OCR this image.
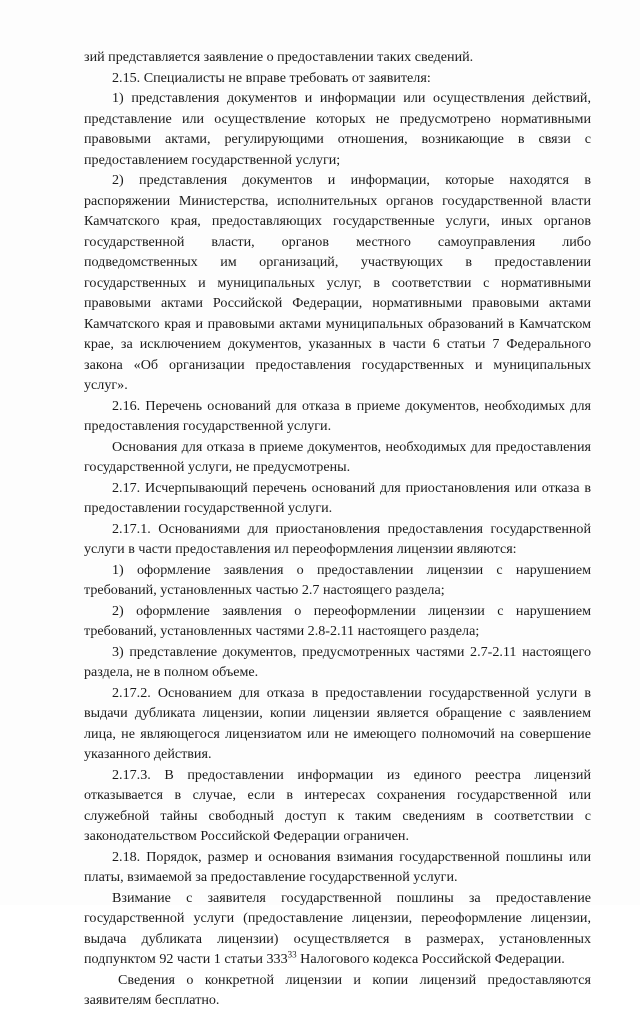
зий представляется заявление о предоставлении таких сведений.

2.15. Специалисты не вправе требовать от заявителя:

1) представления документов и информации или осуществления действий, представление или осуществление которых не предусмотрено нормативными правовыми актами, регулирующими отношения, возникающие в связи с предоставлением государственной услуги;

2) представления документов и информации, которые находятся в распоряжении Министерства, исполнительных органов государственной власти Камчатского края, предоставляющих государственные услуги, иных органов государственной власти, органов местного самоуправления либо подведомственных им организаций, участвующих в предоставлении государственных и муниципальных услуг, в соответствии с нормативными правовыми актами Российской Федерации, нормативными правовыми актами Камчатского края и правовыми актами муниципальных образований в Камчатском крае, за исключением документов, указанных в части 6 статьи 7 Федерального закона «Об организации предоставления государственных и муниципальных услуг».

2.16. Перечень оснований для отказа в приеме документов, необходимых для предоставления государственной услуги.

Основания для отказа в приеме документов, необходимых для предоставления государственной услуги, не предусмотрены.

2.17. Исчерпывающий перечень оснований для приостановления или отказа в предоставлении государственной услуги.

2.17.1. Основаниями для приостановления предоставления государственной услуги в части предоставления ил переоформления лицензии являются:

1) оформление заявления о предоставлении лицензии с нарушением требований, установленных частью 2.7 настоящего раздела;

2) оформление заявления о переоформлении лицензии с нарушением требований, установленных частями 2.8-2.11 настоящего раздела;

3) представление документов, предусмотренных частями 2.7-2.11 настоящего раздела, не в полном объеме.

2.17.2. Основанием для отказа в предоставлении государственной услуги в выдачи дубликата лицензии, копии лицензии является обращение с заявлением лица, не являющегося лицензиатом или не имеющего полномочий на совершение указанного действия.

2.17.3. В предоставлении информации из единого реестра лицензий отказывается в случае, если в интересах сохранения государственной или служебной тайны свободный доступ к таким сведениям в соответствии с законодательством Российской Федерации ограничен.

2.18. Порядок, размер и основания взимания государственной пошлины или платы, взимаемой за предоставление государственной услуги.

Взимание с заявителя государственной пошлины за предоставление государственной услуги (предоставление лицензии, переоформление лицензии, выдача дубликата лицензии) осуществляется в размерах, установленных подпунктом 92 части 1 статьи $333^{33}$ Налогового кодекса Российской Федерации.

Сведения о конкретной лицензии и копии лицензий предоставляются заявителям бесплатно.
